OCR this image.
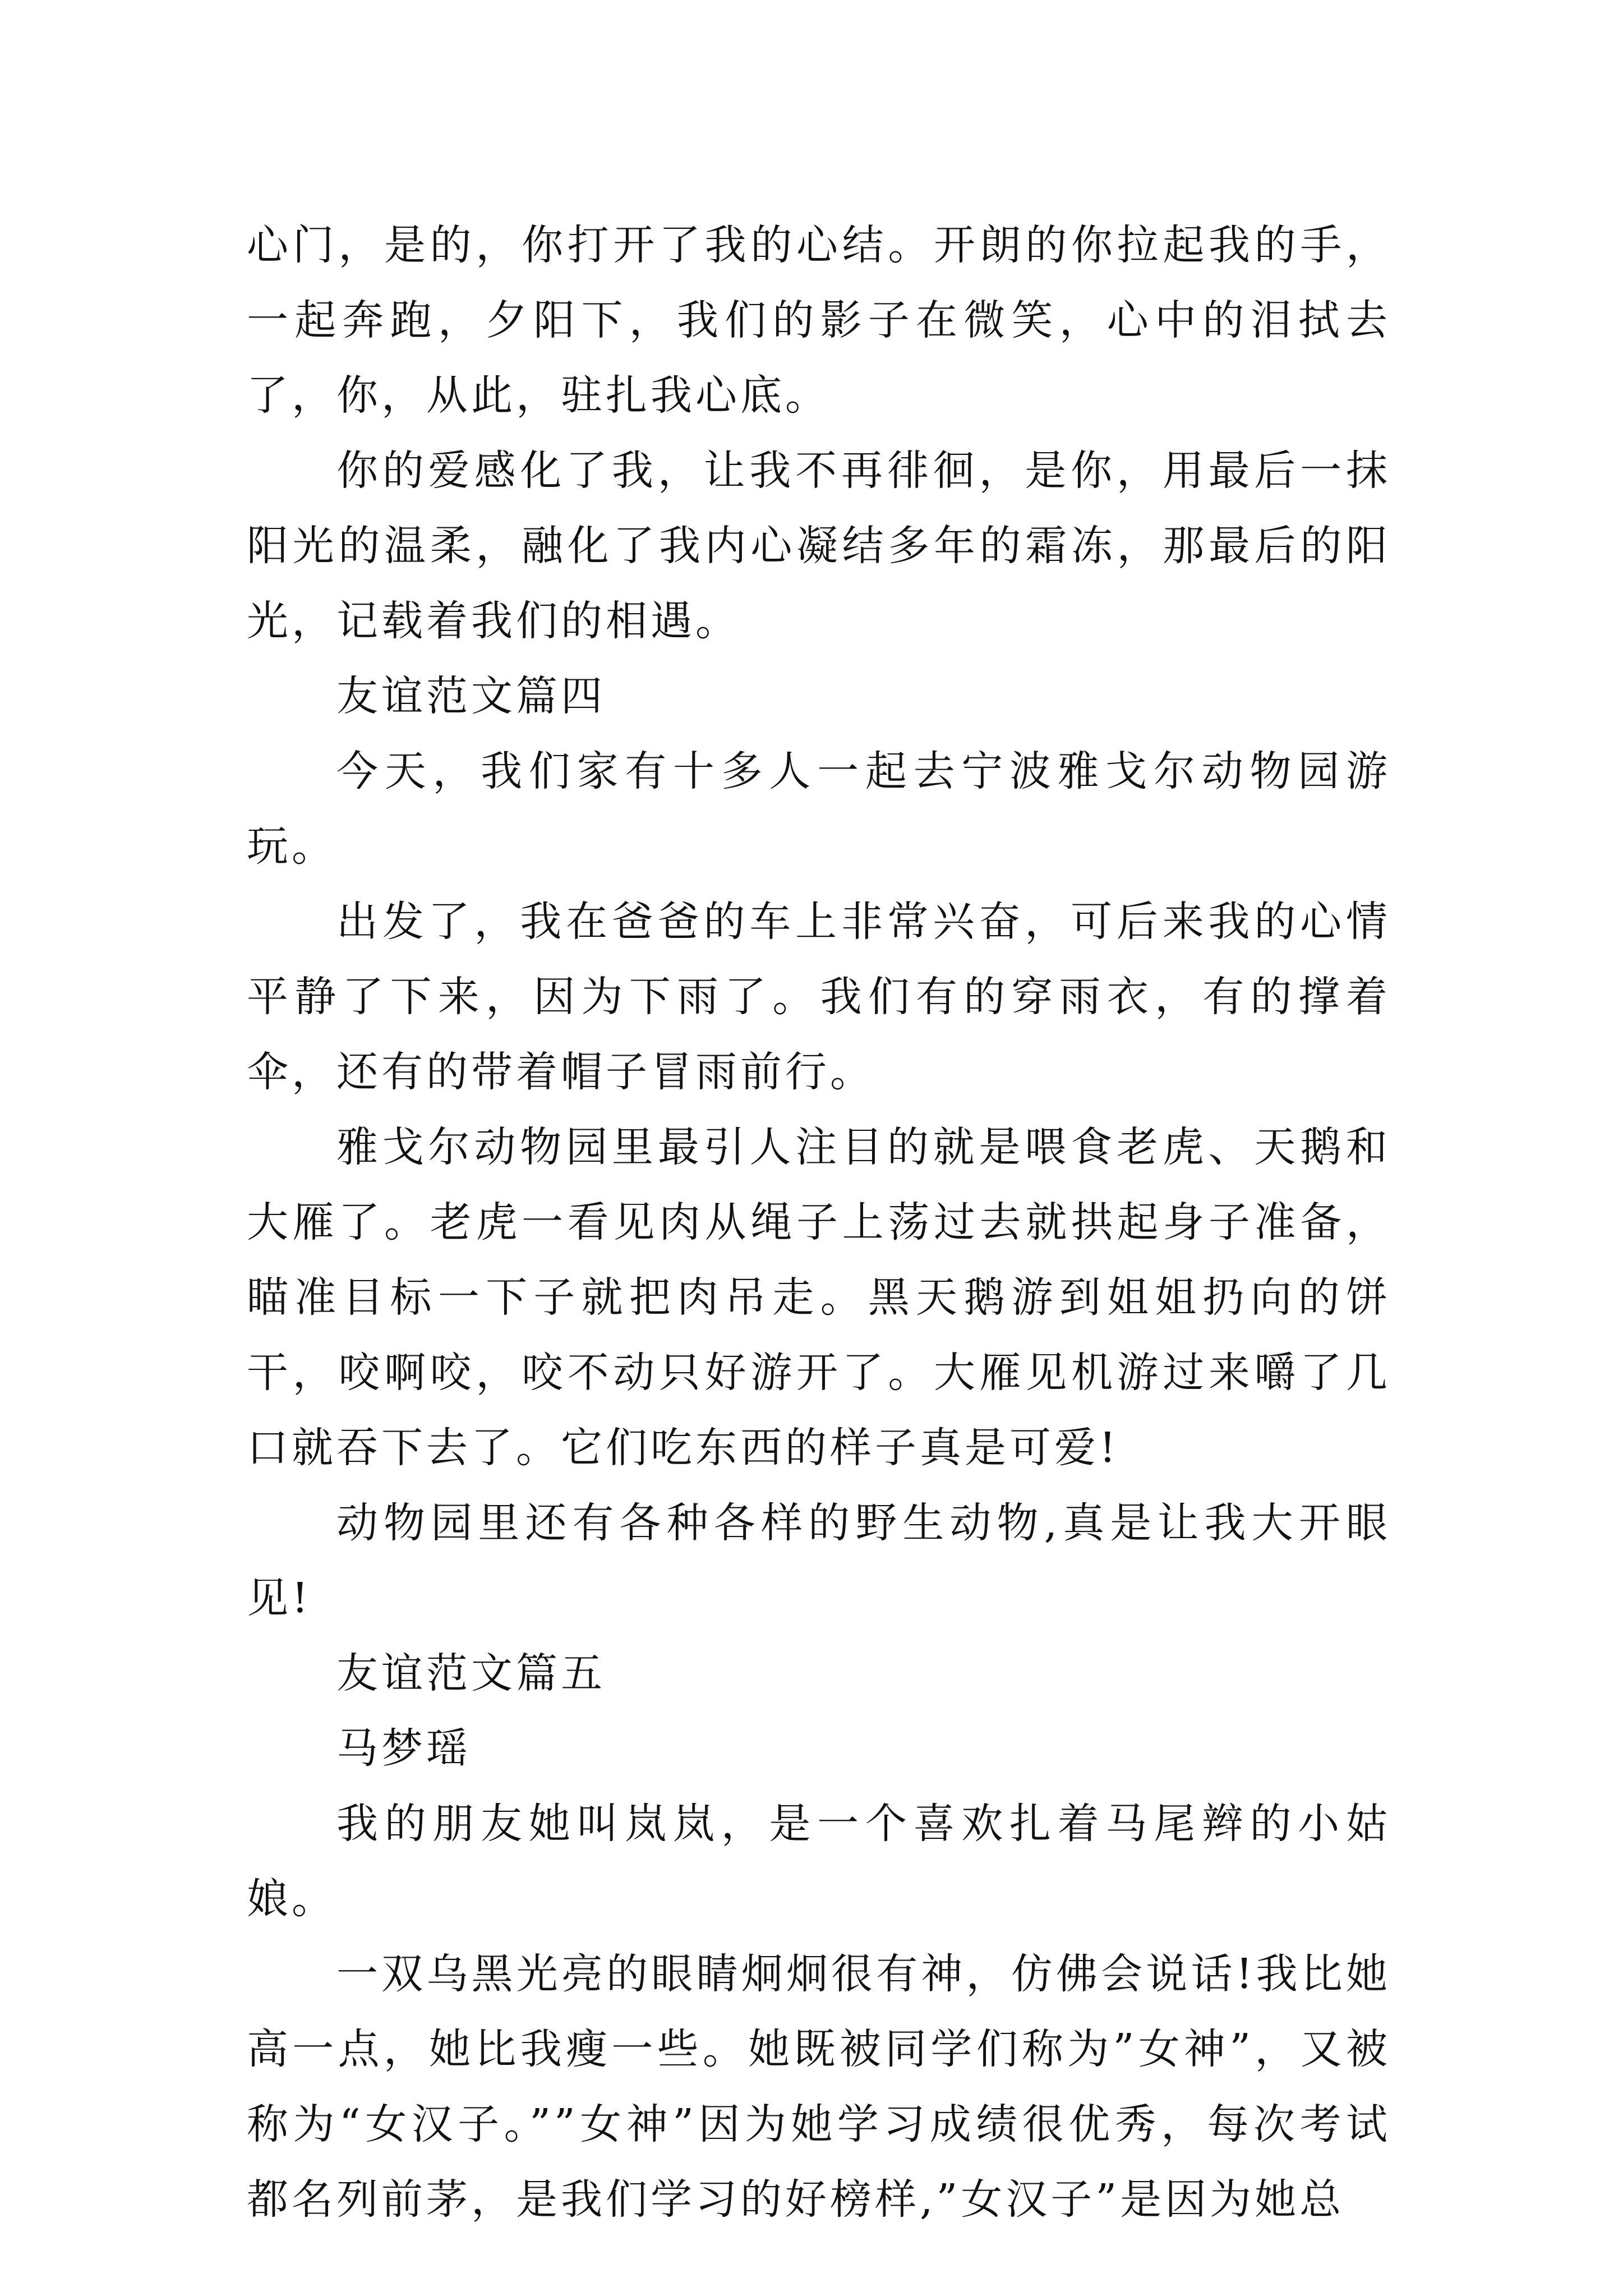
心门，是的，你打开了我的心结。开朗的你拉起我的手，一起奔跑，夕阳下，我们的影子在微笑，心中的泪拭去了，你，从此，驻扎我心底。

你的爱感化了我，让我不再徘徊，是你，用最后一抹阳光的温柔，融化了我内心凝结多年的霜冻，那最后的阳光，记载着我们的相遇。

友谊范文篇四

今天，我们家有十多人一起去宁波雅戈尔动物园游玩。

出发了，我在爸爸的车上非常兴奋，可后来我的心情平静了下来，因为下雨了。我们有的穿雨衣，有的撑着伞，还有的带着帽子冒雨前行。

雅戈尔动物园里最引人注目的就是喂食老虎、天鹅和大雁了。老虎一看见肉从绳子上荡过去就拱起身子准备，瞄准目标一下子就把肉吊走。黑天鹅游到姐姐扔向的饼干，咬啊咬，咬不动只好游开了。大雁见机游过来嚼了几口就吞下去了。它们吃东西的样子真是可爱!

动物园里还有各种各样的野生动物,真是让我大开眼见!

友谊范文篇五

马梦瑶

我的朋友她叫岚岚，是一个喜欢扎着马尾辫的小姑娘。

一双乌黑光亮的眼睛炯炯很有神，仿佛会说话!我比她高一点，她比我瘦一些。她既被同学们称为”女神”，又被称为“女汉子。””女神”因为她学习成绩很优秀，每次考试都名列前茅，是我们学习的好榜样,”女汉子”是因为她总
